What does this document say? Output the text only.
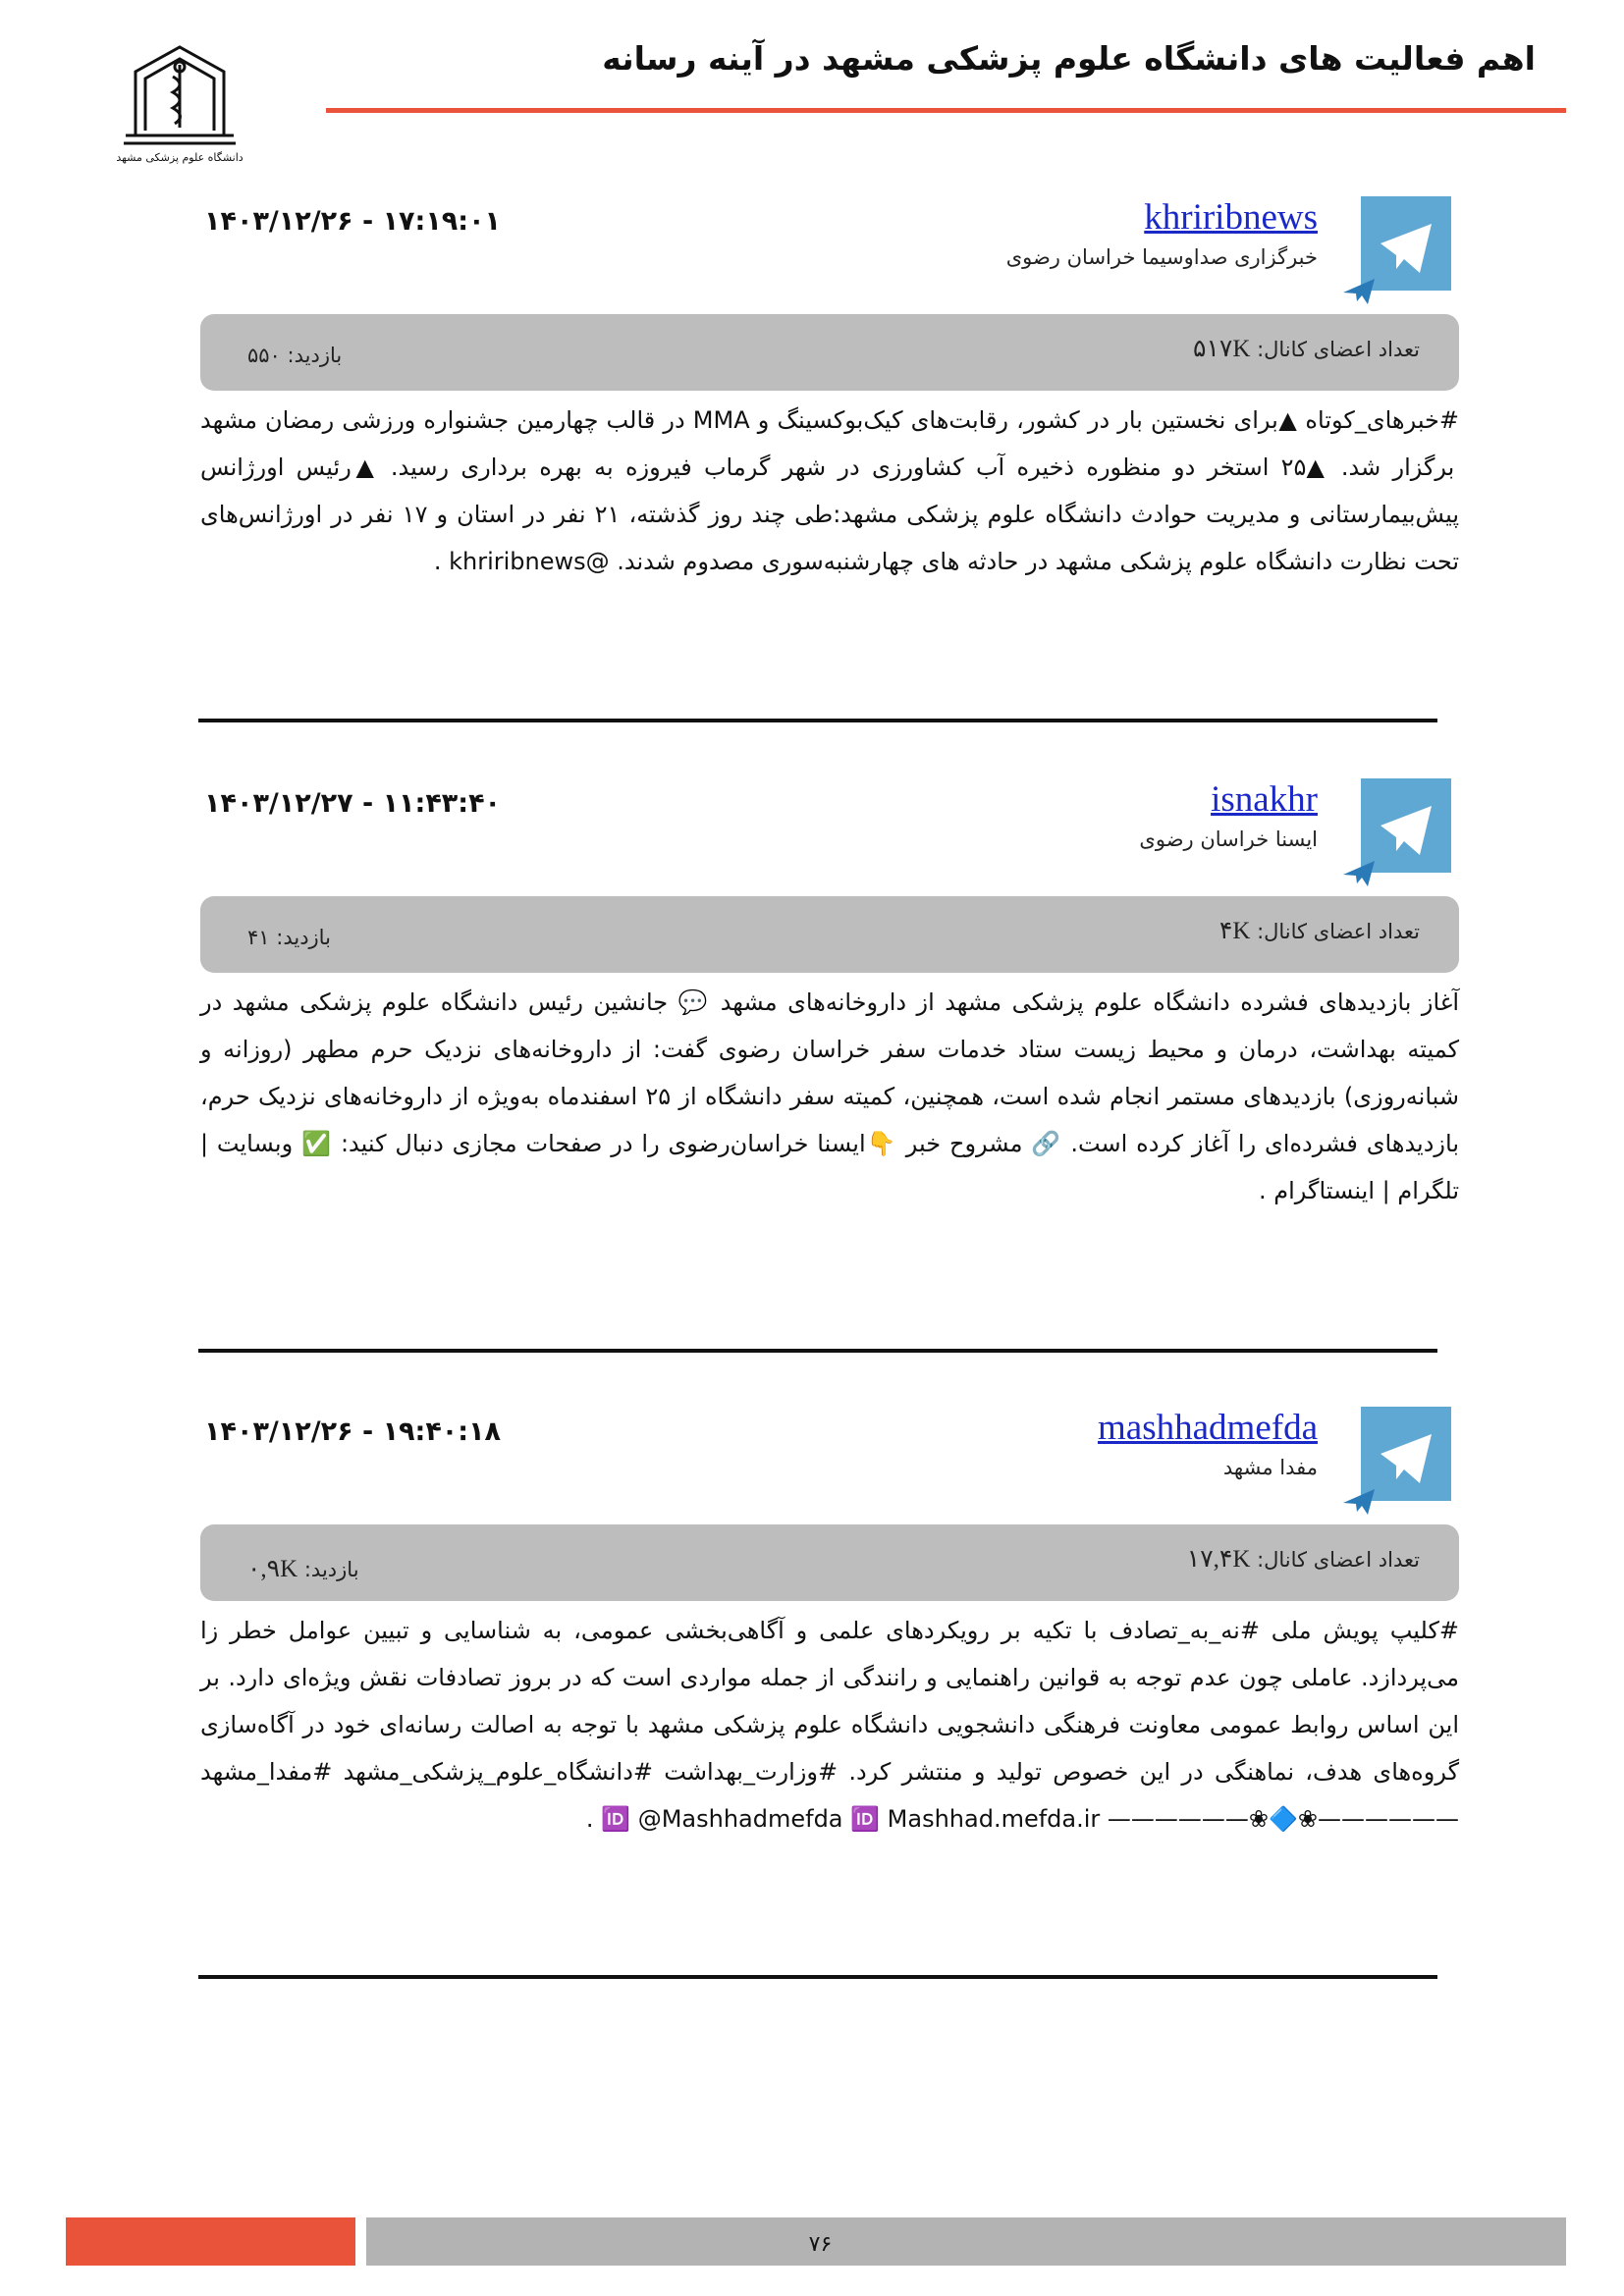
اهم فعالیت های دانشگاه علوم پزشکی مشهد در آینه رسانه
دانشگاه علوم پزشکی مشهد
khriribnews
خبرگزاری صداوسیما خراسان رضوی
۱۴۰۳/۱۲/۲۶ - ۱۷:۱۹:۰۱
تعداد اعضای کانال: ۵۱۷K
بازدید: ۵۵۰
#خبرهای_کوتاه ▲برای نخستین بار در کشور، رقابت‌های کیک‌بوکسینگ و MMA در قالب چهارمین جشنواره ورزشی رمضان مشهد برگزار شد. ▲۲۵ استخر دو منظوره ذخیره آب کشاورزی در شهر گرماب فیروزه به بهره برداری رسید. ▲رئیس اورژانس پیش‌بیمارستانی و مدیریت حوادث دانشگاه علوم پزشکی مشهد:طی چند روز گذشته، ۲۱ نفر در استان و ۱۷ نفر در اورژانس‌های تحت نظارت دانشگاه علوم پزشکی مشهد در حادثه های چهارشنبه‌سوری مصدوم شدند. @khriribnews .
isnakhr
ایسنا خراسان رضوی
۱۴۰۳/۱۲/۲۷ - ۱۱:۴۳:۴۰
تعداد اعضای کانال: ۴K
بازدید: ۴۱
آغاز بازدیدهای فشرده دانشگاه علوم پزشکی مشهد از داروخانه‌های مشهد 💬 جانشین رئیس دانشگاه علوم پزشکی مشهد در کمیته بهداشت، درمان و محیط زیست ستاد خدمات سفر خراسان رضوی گفت: از داروخانه‌های نزدیک حرم مطهر (روزانه و شبانه‌روزی) بازدیدهای مستمر انجام شده است، همچنین، کمیته سفر دانشگاه از ۲۵ اسفندماه به‌ویژه از داروخانه‌های نزدیک حرم، بازدیدهای فشرده‌ای را آغاز کرده است. 🔗 مشروح خبر 👇ایسنا خراسان‌رضوی را در صفحات مجازی دنبال کنید: ✅ وبسایت | تلگرام | اینستاگرام .
mashhadmefda
مفدا مشهد
۱۴۰۳/۱۲/۲۶ - ۱۹:۴۰:۱۸
تعداد اعضای کانال: ۱۷,۴K
بازدید: ۰,۹K
#کلیپ پویش ملی #نه_به_تصادف با تکیه بر رویکردهای علمی و آگاهی‌بخشی عمومی، به شناسایی و تبیین عوامل خطر زا می‌پردازد. عاملی چون عدم توجه به قوانین راهنمایی و رانندگی از جمله مواردی است که در بروز تصادفات نقش ویژه‌ای دارد. بر این اساس روابط عمومی معاونت فرهنگی دانشجویی دانشگاه علوم پزشکی مشهد با توجه به اصالت رسانه‌ای خود در آگاه‌سازی گروه‌های هدف، نماهنگی در این خصوص تولید و منتشر کرد. #وزارت_بهداشت #دانشگاه_علوم_پزشکی_مشهد #مفدا_مشهد ——————❀🔷❀—————— 🆔 @Mashhadmefda 🆔 Mashhad.mefda.ir .
۷۶
